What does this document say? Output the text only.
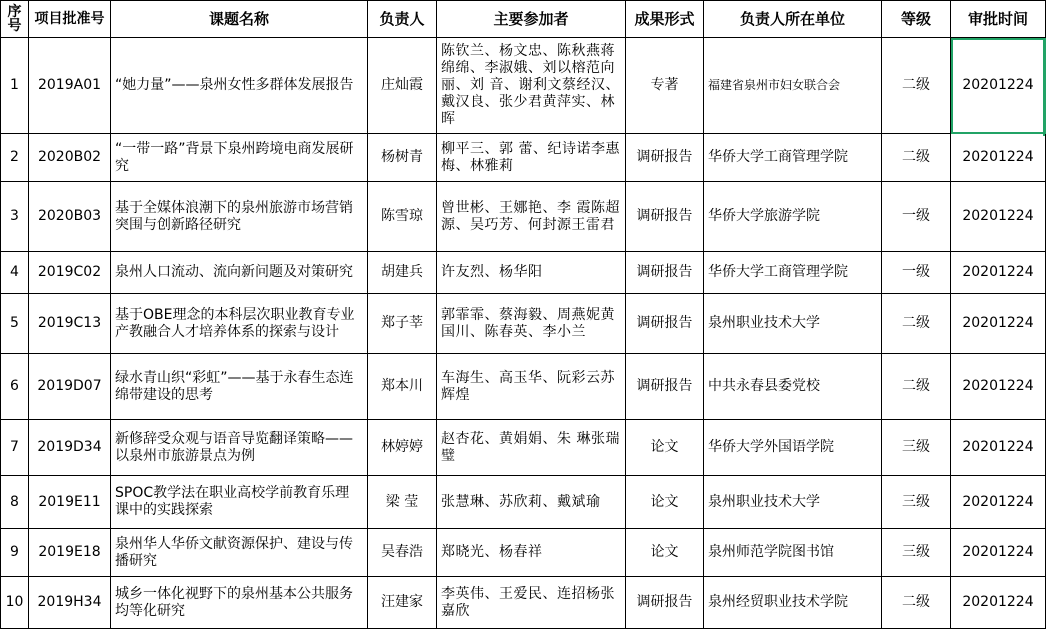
序号	项目批准号	课题名称	负责人	主要参加者	成果形式	负责人所在单位	等级	审批时间
1	2019A01	“她力量”——泉州女性多群体发展报告	庄灿霞	陈钦兰、杨文忠、陈秋燕蒋绵绵、李淑娥、刘以榕范向丽、刘 音、谢利文蔡经汉、戴汉良、张少君黄萍实、林 晖	专著	福建省泉州市妇女联合会	二级	20201224
2	2020B02	“一带一路”背景下泉州跨境电商发展研究	杨树青	柳平三、郭 蕾、纪诗诺李惠梅、林雅莉	调研报告	华侨大学工商管理学院	二级	20201224
3	2020B03	基于全媒体浪潮下的泉州旅游市场营销突围与创新路径研究	陈雪琼	曾世彬、王娜艳、李 霞陈超源、吴巧芳、何封源王雷君	调研报告	华侨大学旅游学院	一级	20201224
4	2019C02	泉州人口流动、流向新问题及对策研究	胡建兵	许友烈、杨华阳	调研报告	华侨大学工商管理学院	一级	20201224
5	2019C13	基于OBE理念的本科层次职业教育专业产教融合人才培养体系的探索与设计	郑子莘	郭霏霏、蔡海毅、周燕妮黄国川、陈春英、李小兰	调研报告	泉州职业技术大学	二级	20201224
6	2019D07	绿水青山织“彩虹”——基于永春生态连绵带建设的思考	郑本川	车海生、高玉华、阮彩云苏辉煌	调研报告	中共永春县委党校	二级	20201224
7	2019D34	新修辞受众观与语音导览翻译策略——以泉州市旅游景点为例	林婷婷	赵杏花、黄娟娟、朱 琳张瑞璧	论文	华侨大学外国语学院	三级	20201224
8	2019E11	SPOC教学法在职业高校学前教育乐理课中的实践探索	梁 莹	张慧琳、苏欣莉、戴斌瑜	论文	泉州职业技术大学	三级	20201224
9	2019E18	泉州华人华侨文献资源保护、建设与传播研究	吴春浩	郑晓光、杨春祥	论文	泉州师范学院图书馆	三级	20201224
10	2019H34	城乡一体化视野下的泉州基本公共服务均等化研究	汪建家	李英伟、王爱民、连招杨张嘉欣	调研报告	泉州经贸职业技术学院	二级	20201224
